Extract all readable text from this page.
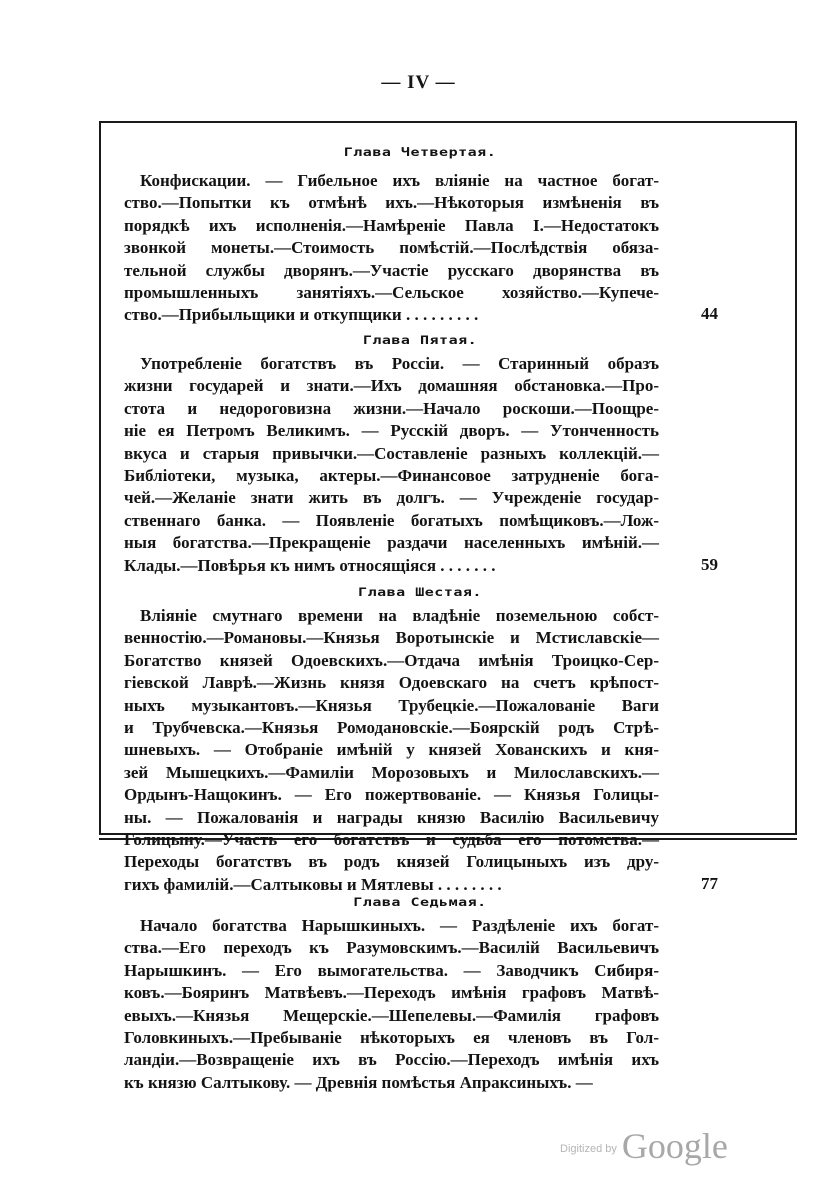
— IV —
Глава Четвертая.
Конфискации. — Гибельное ихъ вліяніе на частное богат-
ство.—Попытки къ отмѣнѣ ихъ.—Нѣкоторыя измѣненія въ
порядкѣ ихъ исполненія.—Намѣреніе Павла I.—Недостатокъ
звонкой монеты.—Стоимость помѣстій.—Послѣдствія обяза-
тельной службы дворянъ.—Участіе русскаго дворянства въ
промышленныхъ занятіяхъ.—Сельское хозяйство.—Купече-
ство.—Прибыльщики и откупщики . . . . . . . . .	44
Глава Пятая.
Употребленіе богатствъ въ Россіи. — Старинный образъ
жизни государей и знати.—Ихъ домашняя обстановка.—Про-
стота и недороговизна жизни.—Начало роскоши.—Поощре-
ніе ея Петромъ Великимъ. — Русскій дворъ. — Утонченность
вкуса и старыя привычки.—Составленіе разныхъ коллекцій.—
Библіотеки, музыка, актеры.—Финансовое затрудненіе бога-
чей.—Желаніе знати жить въ долгъ. — Учрежденіе государ-
ственнаго банка. — Появленіе богатыхъ помѣщиковъ.—Лож-
ныя богатства.—Прекращеніе раздачи населенныхъ имѣній.—
Клады.—Повѣрья къ нимъ относящіяся . . . . . . .	59
Глава Шестая.
Вліяніе смутнаго времени на владѣніе поземельною собст-
венностію.—Романовы.—Князья Воротынскіе и Мстиславскіе—
Богатство князей Одоевскихъ.—Отдача имѣнія Троицко-Сер-
гіевской Лаврѣ.—Жизнь князя Одоевскаго на счетъ крѣпост-
ныхъ музыкантовъ.—Князья Трубецкіе.—Пожалованіе Ваги
и Трубчевска.—Князья Ромодановскіе.—Боярскій родъ Стрѣ-
шневыхъ. — Отобраніе имѣній у князей Хованскихъ и кня-
зей Мышецкихъ.—Фамиліи Морозовыхъ и Милославскихъ.—
Ордынъ-Нащокинъ. — Его пожертвованіе. — Князья Голицы-
ны. — Пожалованія и награды князю Василію Васильевичу
Голицыну.—Участь его богатствъ и судьба его потомства.—
Переходы богатствъ въ родъ князей Голицыныхъ изъ дру-
гихъ фамилій.—Салтыковы и Мятлевы . . . . . . . .	77
Глава Седьмая.
Начало богатства Нарышкиныхъ. — Раздѣленіе ихъ богат-
ства.—Его переходъ къ Разумовскимъ.—Василій Васильевичъ
Нарышкинъ. — Его вымогательства. — Заводчикъ Сибиря-
ковъ.—Бояринъ Матвѣевъ.—Переходъ имѣнія графовъ Матвѣ-
евыхъ.—Князья Мещерскіе.—Шепелевы.—Фамилія графовъ
Головкиныхъ.—Пребываніе нѣкоторыхъ ея членовъ въ Гол-
ландіи.—Возвращеніе ихъ въ Россію.—Переходъ имѣнія ихъ
къ князю Салтыкову. — Древнія помѣстья Апраксиныхъ. —
Digitized by Google
